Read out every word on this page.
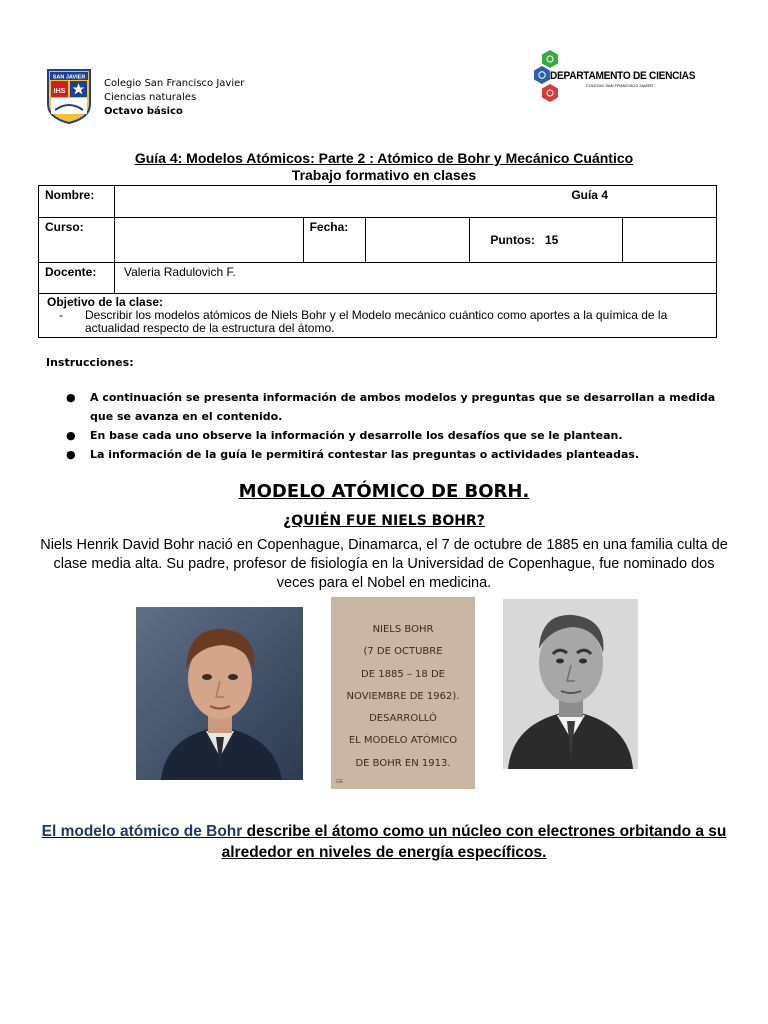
SAN JAVIER
IHS
Colegio San Francisco Javier
Ciencias naturales
Octavo básico
DEPARTAMENTO DE CIENCIAS
COLEGIO SAN FRANCISCO JAVIER
Guía 4: Modelos Atómicos: Parte 2 : Atómico de Bohr y Mecánico Cuántico
Trabajo formativo en clases
Nombre:	Guía 4				

Curso:		Fecha:		Puntos: 15	
Docente:	Valeria Radulovich F.				

Objetivo de la clase:
- Describir los modelos atómicos de Niels Bohr y el Modelo mecánico cuántico como aportes a la química de la actualidad respecto de la estructura del átomo.					
Instrucciones:
● A continuación se presenta información de ambos modelos y preguntas que se desarrollan a medida que se avanza en el contenido.
● En base cada uno observe la información y desarrolle los desafíos que se le plantean.
● La información de la guía le permitirá contestar las preguntas o actividades planteadas.
MODELO ATÓMICO DE BORH.
¿QUIÉN FUE NIELS BOHR?
Niels Henrik David Bohr nació en Copenhague, Dinamarca, el 7 de octubre de 1885 en una familia culta de clase media alta. Su padre, profesor de fisiología en la Universidad de Copenhague, fue nominado dos veces para el Nobel en medicina.
NIELS BOHR
(7 DE OCTUBRE
DE 1885 – 18 DE
NOVIEMBRE DE 1962).
DESARROLLÓ
EL MODELO ATÓMICO
DE BOHR EN 1913.
GE
El modelo atómico de Bohr describe el átomo como un núcleo con electrones orbitando a su alrededor en niveles de energía específicos.
